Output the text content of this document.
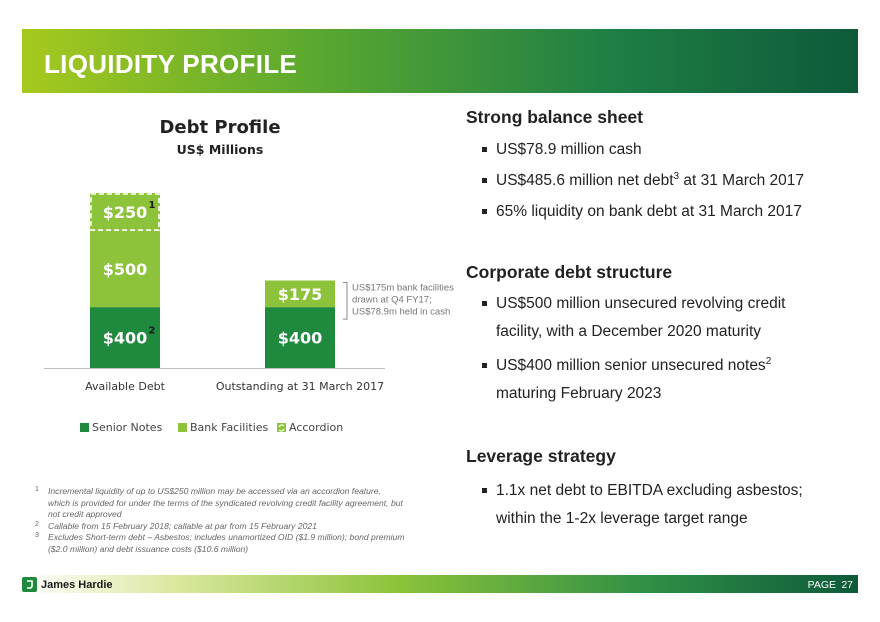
LIQUIDITY PROFILE
Debt Profile
US$ Millions
$400 2
$500
$250 1
Available Debt
$400
$175
Outstanding at 31 March 2017
US$175m bank facilities
drawn at Q4 FY17;
US$78.9m held in cash
Senior Notes	Bank Facilities Accordion
1 Incremental liquidity of up to US$250 million may be accessed via an accordion feature, which is provided for under the terms of the syndicated revolving credit facility agreement, but not credit approved
2 Callable from 15 February 2018; callable at par from 15 February 2021
3 Excludes Short-term debt – Asbestos; includes unamortized OID ($1.9 million); bond premium ($2.0 million) and debt issuance costs ($10.6 million)
Strong balance sheet
US$78.9 million cash
US$485.6 million net debt$^3$ at 31 March 2017
65% liquidity on bank debt at 31 March 2017
Corporate debt structure
US$500 million unsecured revolving credit
facility, with a December 2020 maturity
US$400 million senior unsecured notes$^2$
maturing February 2023
Leverage strategy
1.1x net debt to EBITDA excluding asbestos;
within the 1-2x leverage target range
James Hardie	PAGE 27
